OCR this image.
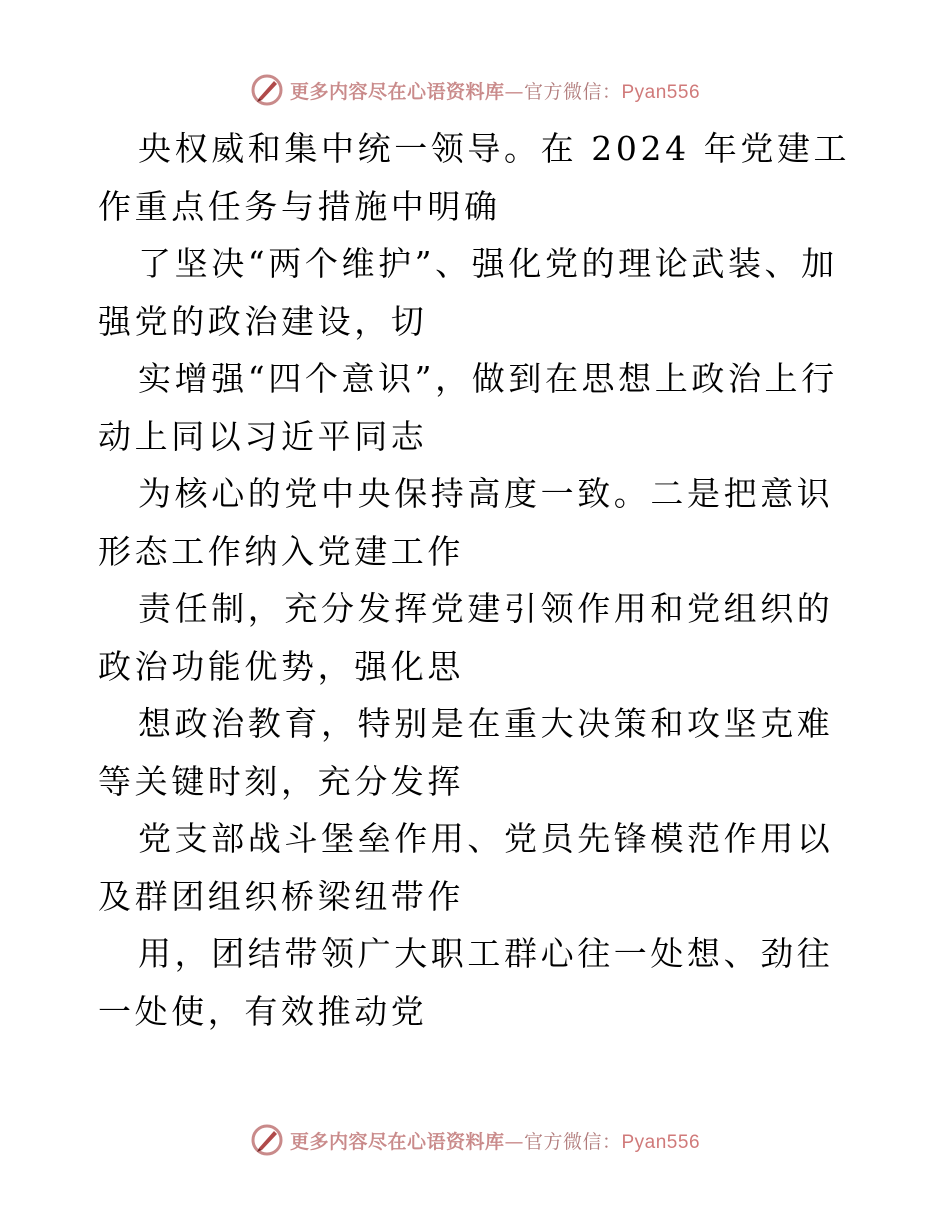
更多内容尽在心语资料库—官方微信：Pyan556

央权威和集中统一领导。在 2024 年党建工作重点任务与措施中明确

了坚决“两个维护”、强化党的理论武装、加强党的政治建设，切

实增强“四个意识”，做到在思想上政治上行动上同以习近平同志

为核心的党中央保持高度一致。二是把意识形态工作纳入党建工作

责任制，充分发挥党建引领作用和党组织的政治功能优势，强化思

想政治教育，特别是在重大决策和攻坚克难等关键时刻，充分发挥

党支部战斗堡垒作用、党员先锋模范作用以及群团组织桥梁纽带作

用，团结带领广大职工群心往一处想、劲往一处使，有效推动党

更多内容尽在心语资料库—官方微信：Pyan556
